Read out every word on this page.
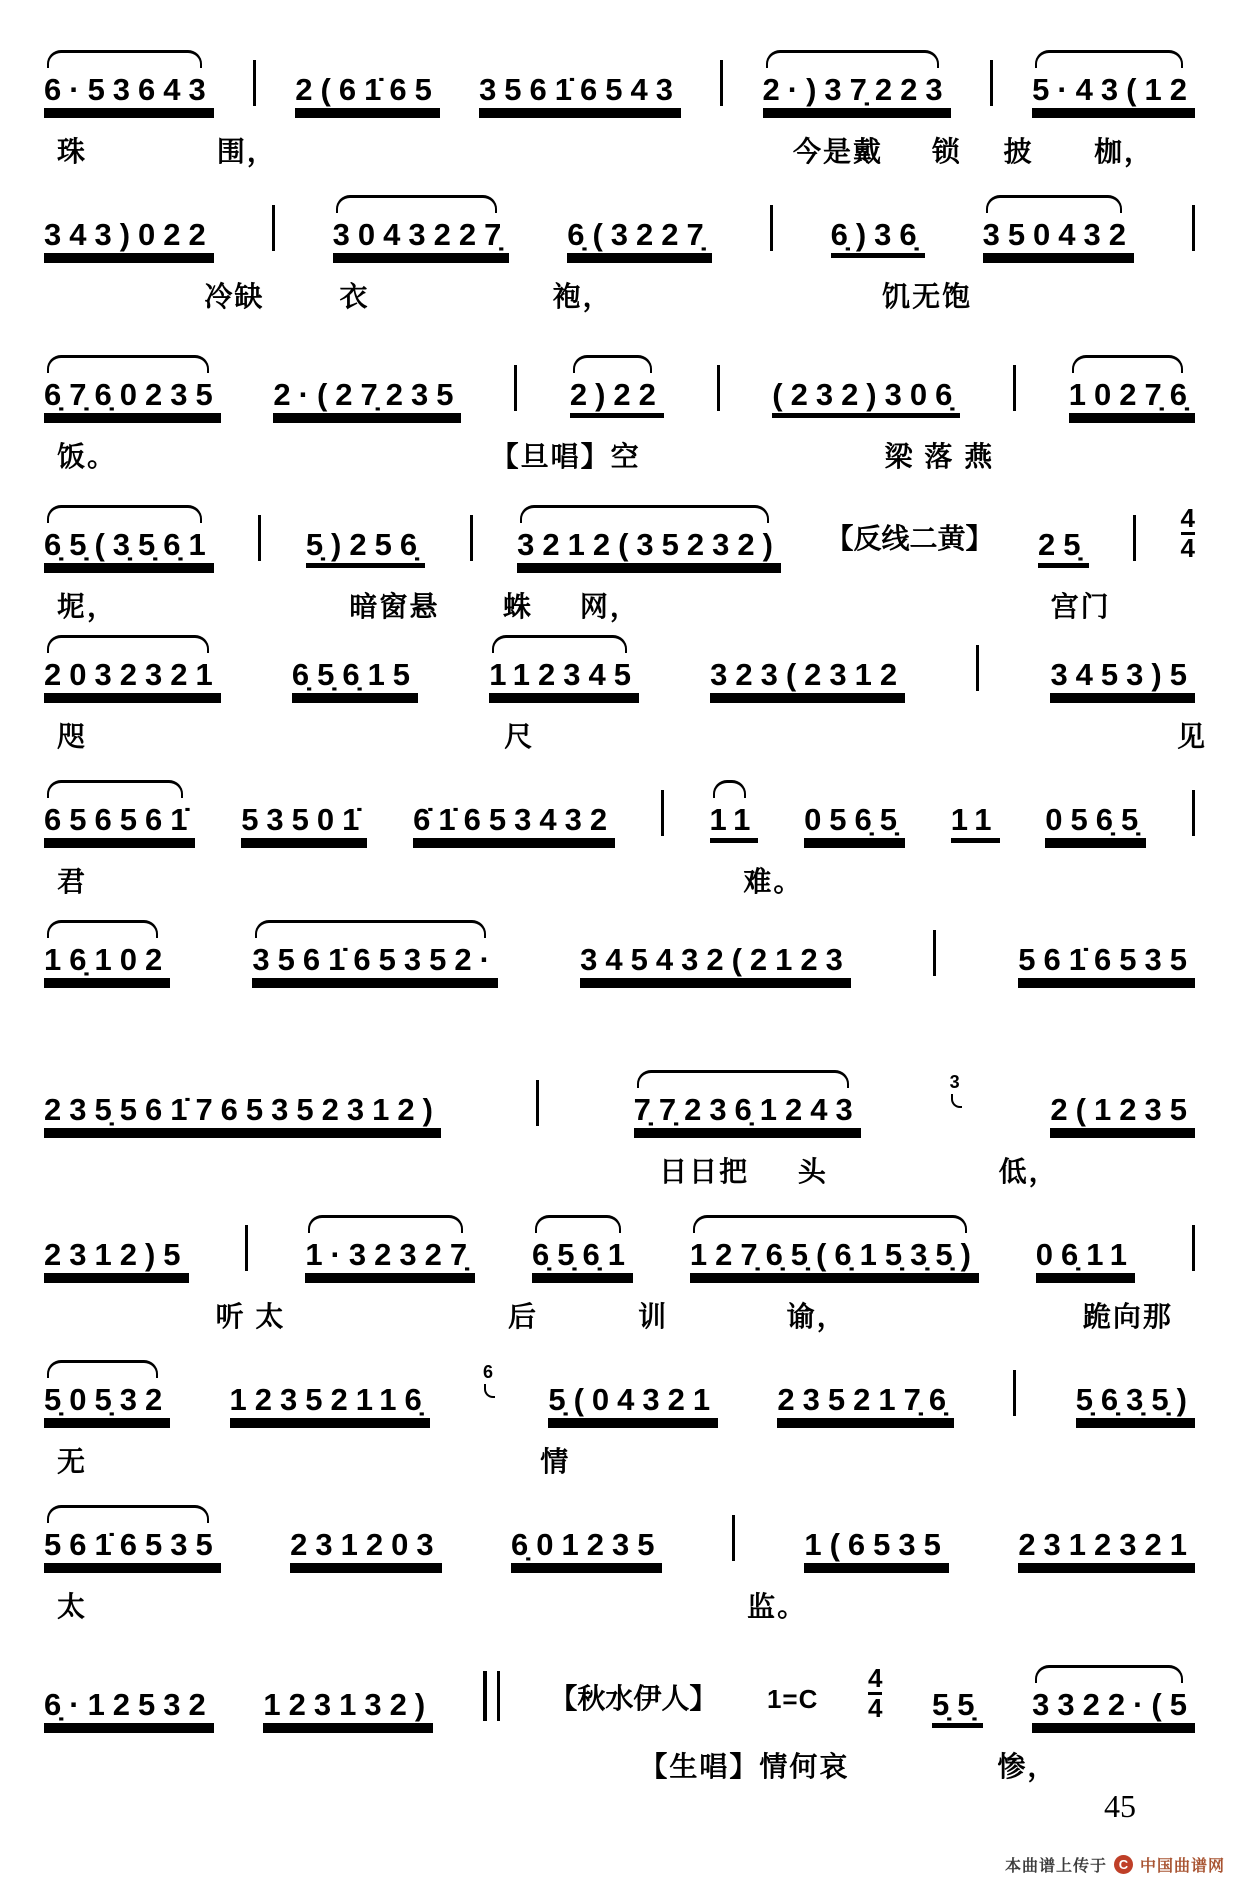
45
本曲谱上传于 C 中国曲谱网
6·53643	2(61̇65 3561̇6543	2·)37̣223	5·43(12
珠	围，	今是戴 锁 披 枷，
343)022	3043227̣ 6̣(3227̣	6̣)36̣ 350432
冷缺	衣	袍，	饥无饱
6̣7̣6̣0235 2·(27̣235	2)22	(232)306̣	1027̣6̣
饭。	【旦唱】空	梁 落 燕
6̣5̣(3̣5̣6̣1	5̣)256̣	3212(35232) 【反线二黄】 25̣
4
4
坭，	暗窗悬 蛛 网，	宫门
2032321 6̣5̣6̣15 112345 323(2312	3453)5
咫	尺	见
656561̇ 53501̇ 6̇1̇653432	11 056̣5̣ 11 056̣5̣
君	难。
16̣102	3561̇65352·	345432(2123	561̇6535
235̣561̇765352312)	7̣7̣236̣1243
3
2(1235
日日把 头	低，
2312)5	1·32327̣ 6̣5̣6̣1 127̣6̣5̣(6̣15̣3̣5̣) 06̣11
听 太	后	训	谕，	跪向那
5̣05̣32 12352116̣
6
5̣(04321 235217̣6̣	5̣6̣3̣5̣)
无	情
561̇6535 231203 6̣01235	1(6535 2312321
太	监。
6̣·12532 123132)	【秋水伊人】 1=C
4
4 5̣5̣ 3322·(5
【生唱】情何哀	惨，
